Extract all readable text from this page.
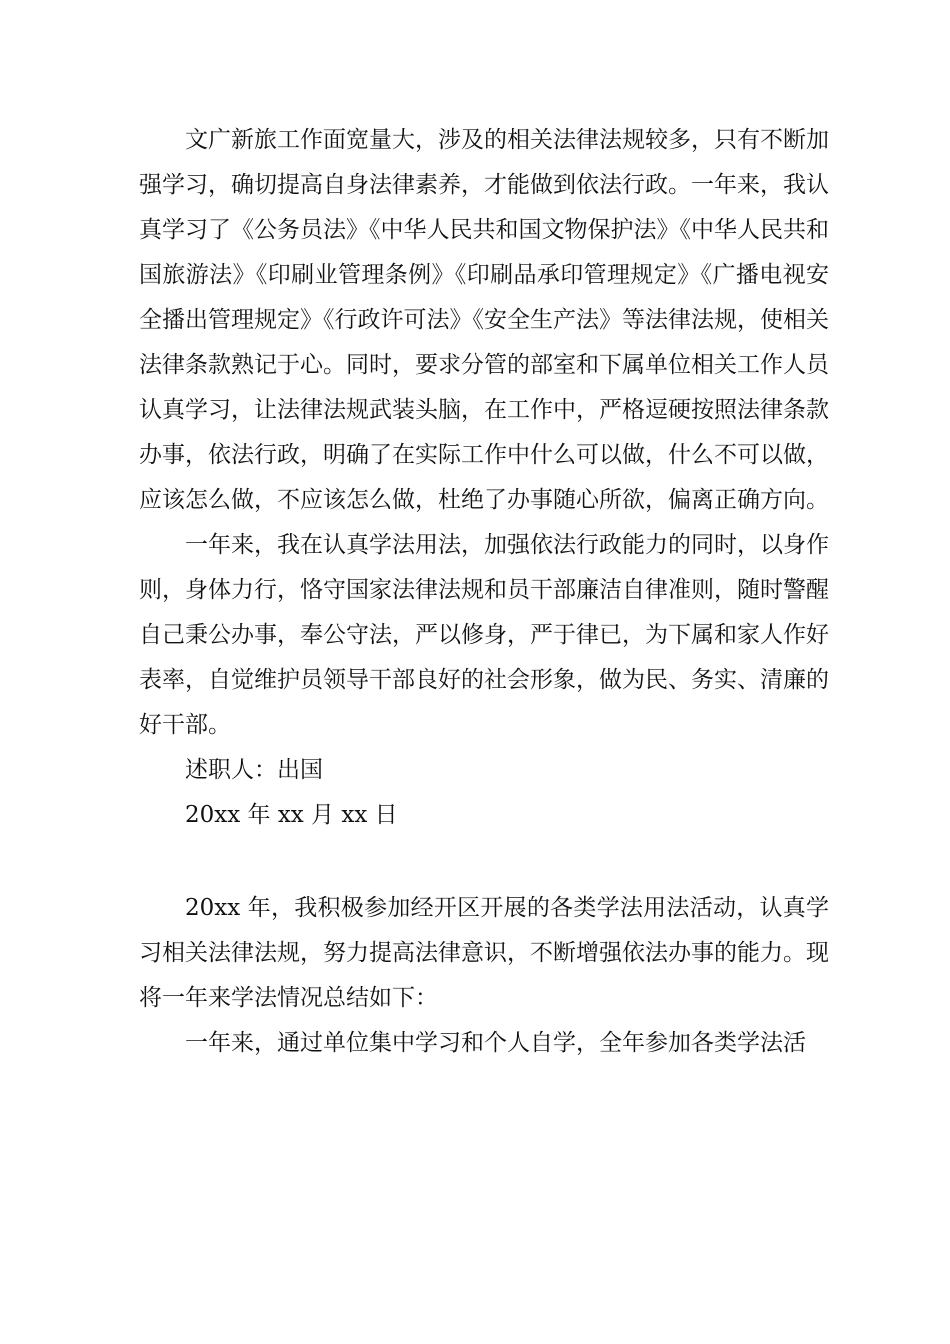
文广新旅工作面宽量大，涉及的相关法律法规较多，只有不断加强学习，确切提高自身法律素养，才能做到依法行政。一年来，我认真学习了《公务员法》《中华人民共和国文物保护法》《中华人民共和国旅游法》《印刷业管理条例》《印刷品承印管理规定》《广播电视安全播出管理规定》《行政许可法》《安全生产法》等法律法规，使相关法律条款熟记于心。同时，要求分管的部室和下属单位相关工作人员认真学习，让法律法规武装头脑，在工作中，严格逗硬按照法律条款办事，依法行政，明确了在实际工作中什么可以做，什么不可以做，应该怎么做，不应该怎么做，杜绝了办事随心所欲，偏离正确方向。

一年来，我在认真学法用法，加强依法行政能力的同时，以身作则，身体力行，恪守国家法律法规和员干部廉洁自律准则，随时警醒自己秉公办事，奉公守法，严以修身，严于律已，为下属和家人作好表率，自觉维护员领导干部良好的社会形象，做为民、务实、清廉的好干部。

述职人：出国

20xx 年 xx 月 xx 日

20xx 年，我积极参加经开区开展的各类学法用法活动，认真学习相关法律法规，努力提高法律意识，不断增强依法办事的能力。现将一年来学法情况总结如下：

一年来，通过单位集中学习和个人自学，全年参加各类学法活
